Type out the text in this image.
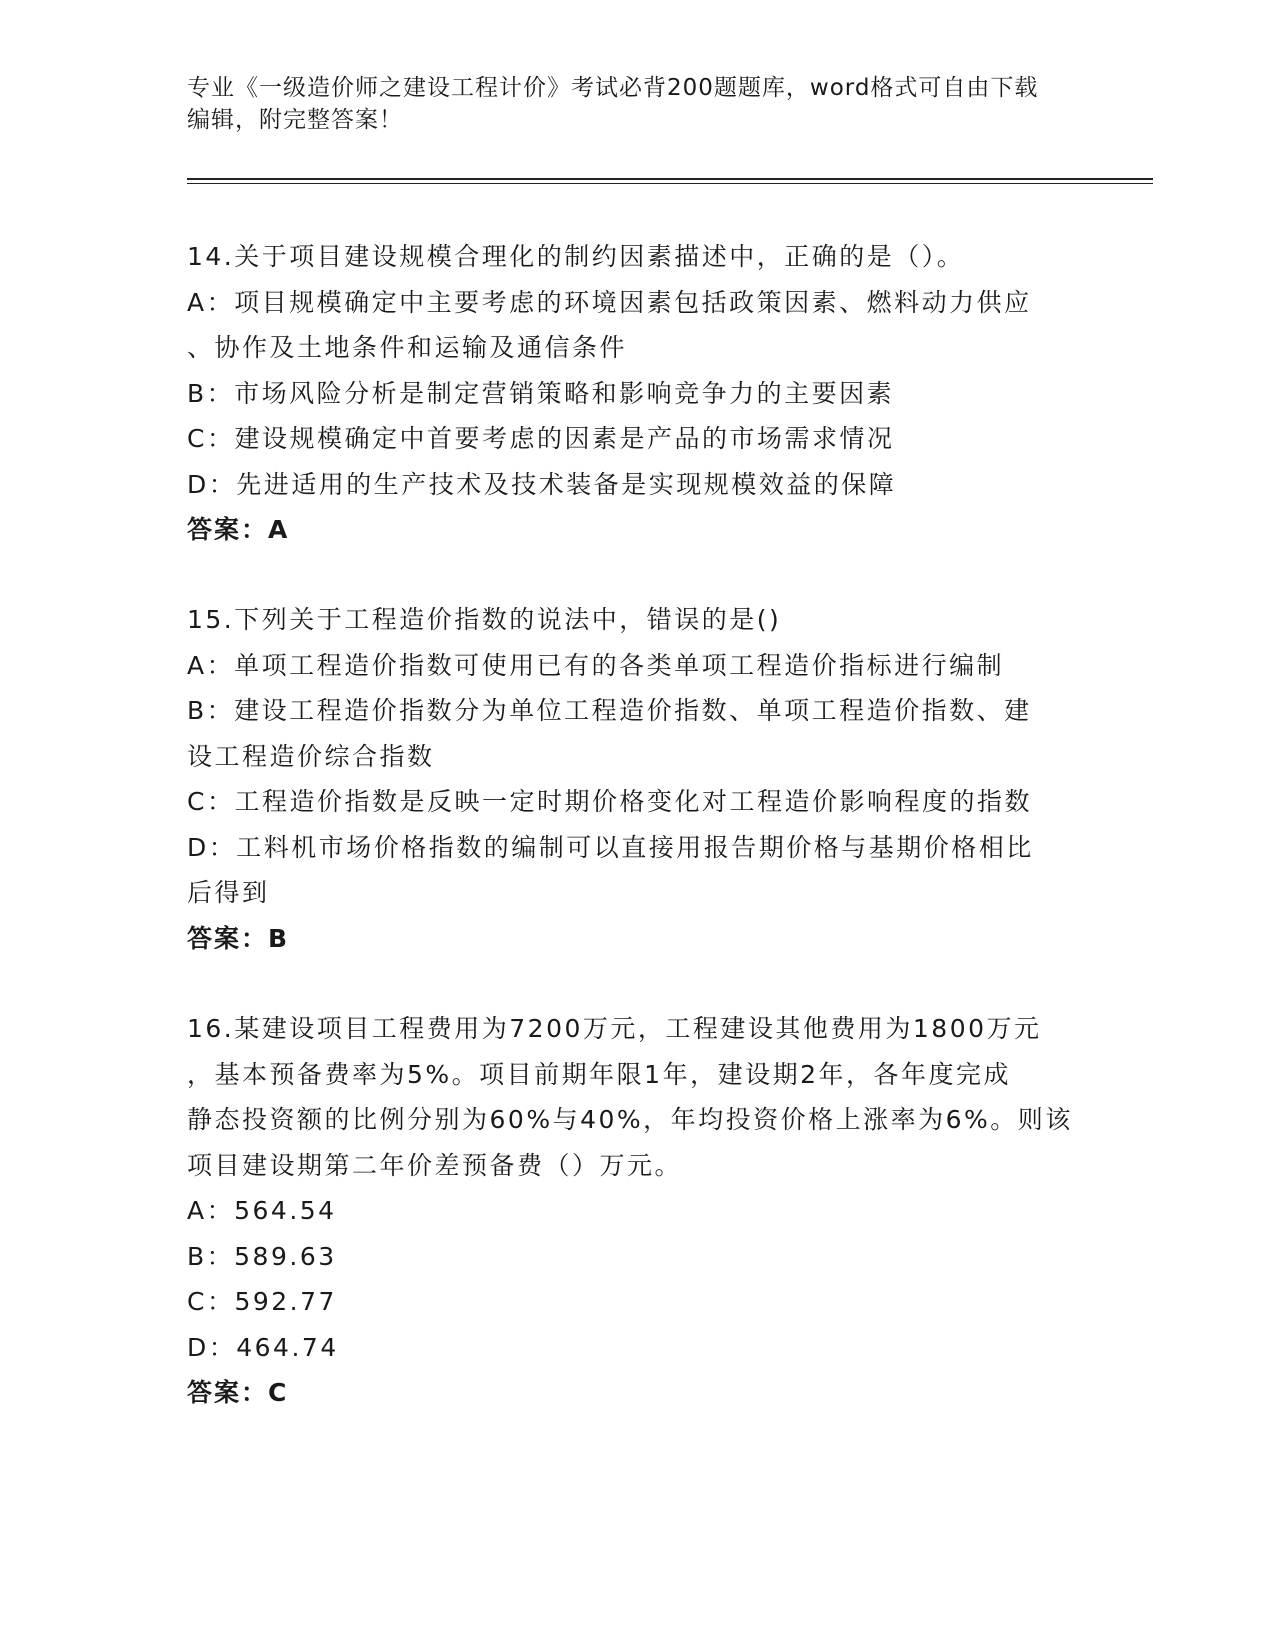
专业《一级造价师之建设工程计价》考试必背200题题库，word格式可自由下载
编辑，附完整答案！
14.关于项目建设规模合理化的制约因素描述中，正确的是（）。
A：项目规模确定中主要考虑的环境因素包括政策因素、燃料动力供应
、协作及土地条件和运输及通信条件
B：市场风险分析是制定营销策略和影响竞争力的主要因素
C：建设规模确定中首要考虑的因素是产品的市场需求情况
D：先进适用的生产技术及技术装备是实现规模效益的保障
答案：A
15.下列关于工程造价指数的说法中，错误的是()
A：单项工程造价指数可使用已有的各类单项工程造价指标进行编制
B：建设工程造价指数分为单位工程造价指数、单项工程造价指数、建
设工程造价综合指数
C：工程造价指数是反映一定时期价格变化对工程造价影响程度的指数
D：工料机市场价格指数的编制可以直接用报告期价格与基期价格相比
后得到
答案：B
16.某建设项目工程费用为7200万元，工程建设其他费用为1800万元
，基本预备费率为5%。项目前期年限1年，建设期2年，各年度完成
静态投资额的比例分别为60%与40%，年均投资价格上涨率为6%。则该
项目建设期第二年价差预备费（）万元。
A：564.54
B：589.63
C：592.77
D：464.74
答案：C
